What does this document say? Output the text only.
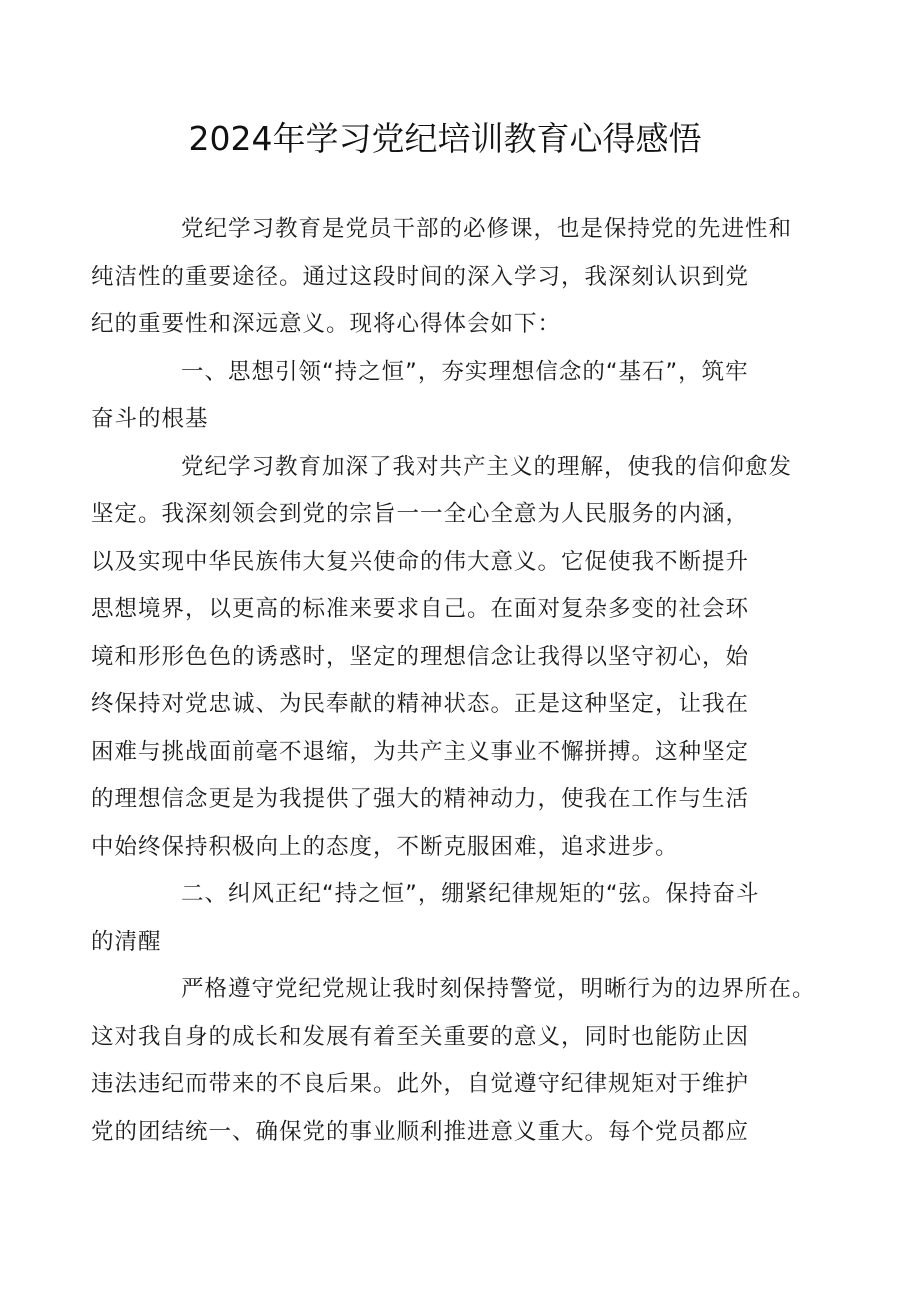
2024年学习党纪培训教育心得感悟

党纪学习教育是党员干部的必修课，也是保持党的先进性和
纯洁性的重要途径。通过这段时间的深入学习，我深刻认识到党
纪的重要性和深远意义。现将心得体会如下：

一、思想引领“持之恒”，夯实理想信念的“基石”，筑牢
奋斗的根基

党纪学习教育加深了我对共产主义的理解，使我的信仰愈发
坚定。我深刻领会到党的宗旨一一全心全意为人民服务的内涵，
以及实现中华民族伟大复兴使命的伟大意义。它促使我不断提升
思想境界，以更高的标准来要求自己。在面对复杂多变的社会环
境和形形色色的诱惑时，坚定的理想信念让我得以坚守初心，始
终保持对党忠诚、为民奉献的精神状态。正是这种坚定，让我在
困难与挑战面前毫不退缩，为共产主义事业不懈拼搏。这种坚定
的理想信念更是为我提供了强大的精神动力，使我在工作与生活
中始终保持积极向上的态度，不断克服困难，追求进步。

二、纠风正纪“持之恒”，绷紧纪律规矩的“弦。保持奋斗
的清醒

严格遵守党纪党规让我时刻保持警觉，明晰行为的边界所在。
这对我自身的成长和发展有着至关重要的意义，同时也能防止因
违法违纪而带来的不良后果。此外，自觉遵守纪律规矩对于维护
党的团结统一、确保党的事业顺利推进意义重大。每个党员都应
